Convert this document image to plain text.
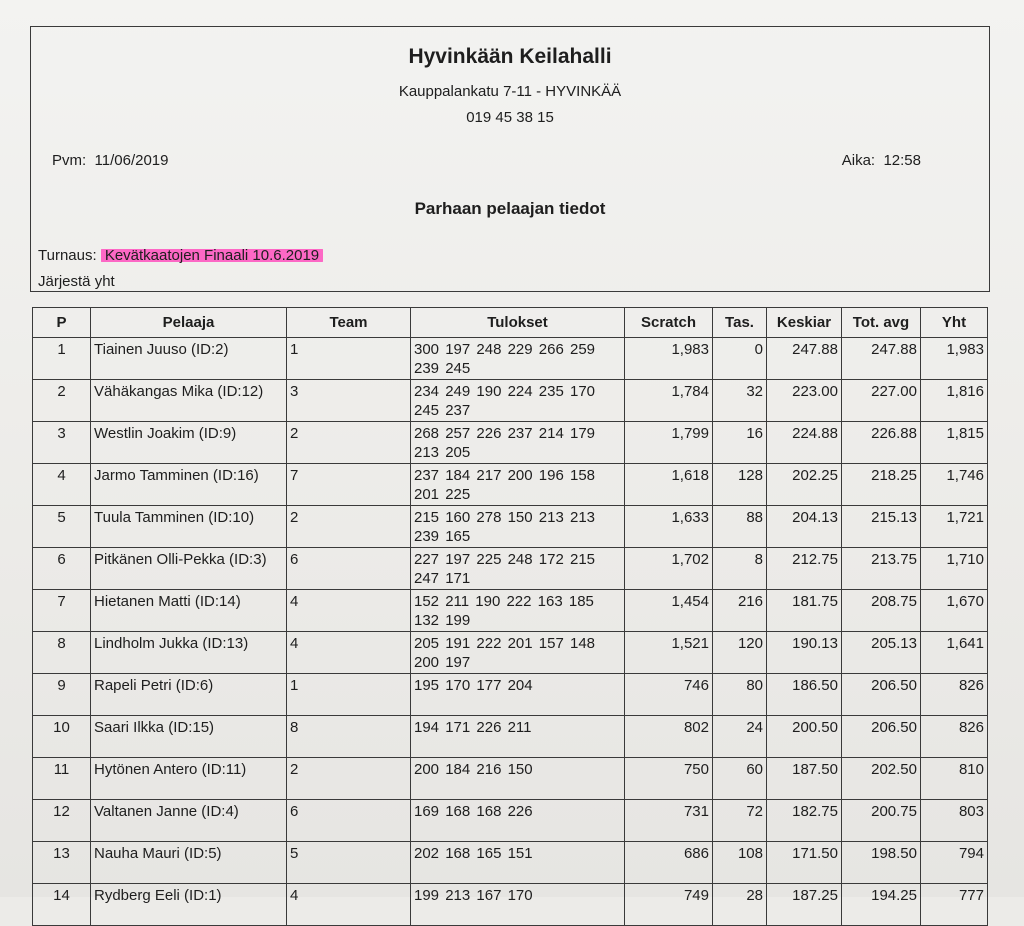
Hyvinkään Keilahalli
Kauppalankatu 7-11 - HYVINKÄÄ
019 45 38 15
Pvm: 11/06/2019	Aika: 12:58
Parhaan pelaajan tiedot
Turnaus: Kevätkaatojen Finaali 10.6.2019
Järjestä yht
P	Pelaaja	Team	Tulokset	Scratch	Tas.	Keskiar	Tot. avg	Yht
1	Tiainen Juuso (ID:2)	1	300 197 248 229 266 259 239 245	1,983	0	247.88	247.88	1,983
2	Vähäkangas Mika (ID:12)	3	234 249 190 224 235 170 245 237	1,784	32	223.00	227.00	1,816
3	Westlin Joakim (ID:9)	2	268 257 226 237 214 179 213 205	1,799	16	224.88	226.88	1,815
4	Jarmo Tamminen (ID:16)	7	237 184 217 200 196 158 201 225	1,618	128	202.25	218.25	1,746
5	Tuula Tamminen (ID:10)	2	215 160 278 150 213 213 239 165	1,633	88	204.13	215.13	1,721
6	Pitkänen Olli-Pekka (ID:3)	6	227 197 225 248 172 215 247 171	1,702	8	212.75	213.75	1,710
7	Hietanen Matti (ID:14)	4	152 211 190 222 163 185 132 199	1,454	216	181.75	208.75	1,670
8	Lindholm Jukka (ID:13)	4	205 191 222 201 157 148 200 197	1,521	120	190.13	205.13	1,641
9	Rapeli Petri (ID:6)	1	195 170 177 204	746	80	186.50	206.50	826
10	Saari Ilkka (ID:15)	8	194 171 226 211	802	24	200.50	206.50	826
11	Hytönen Antero (ID:11)	2	200 184 216 150	750	60	187.50	202.50	810
12	Valtanen Janne (ID:4)	6	169 168 168 226	731	72	182.75	200.75	803
13	Nauha Mauri (ID:5)	5	202 168 165 151	686	108	171.50	198.50	794
14	Rydberg Eeli (ID:1)	4	199 213 167 170	749	28	187.25	194.25	777
